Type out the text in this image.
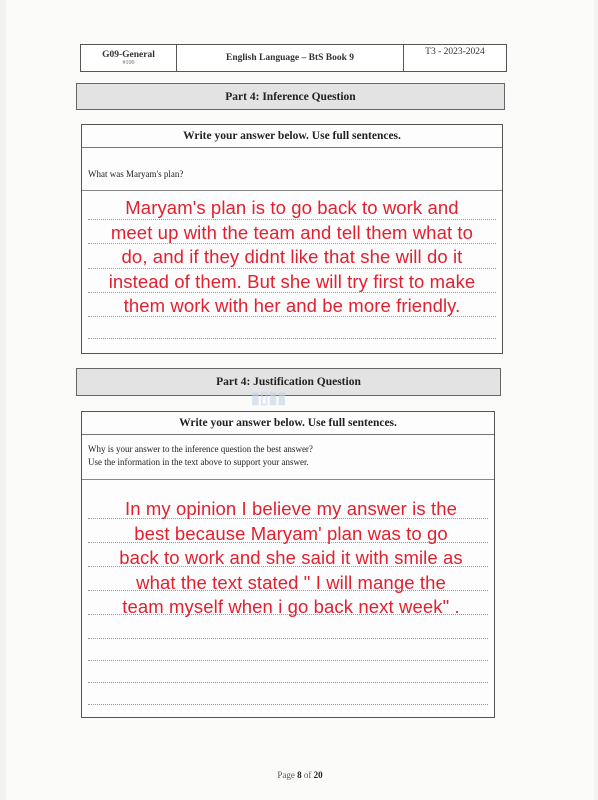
G09-General
#100	English Language – BtS Book 9
T3 - 2023-2024
Part 4: Inference Question
Write your answer below. Use full sentences.
What was Maryam's plan?
Maryam's plan is to go back to work and
meet up with the team and tell them what to
do, and if they didnt like that she will do it
instead of them. But she will try first to make
them work with her and be more friendly.
Part 4: Justification Question
▮▯▮▮
Write your answer below. Use full sentences.
Why is your answer to the inference question the best answer?
Use the information in the text above to support your answer.
In my opinion I believe my answer is the
best because Maryam' plan was to go
back to work and she said it with smile as
what the text stated " I will mange the
team myself when i go back next week" .
Page 8 of 20
